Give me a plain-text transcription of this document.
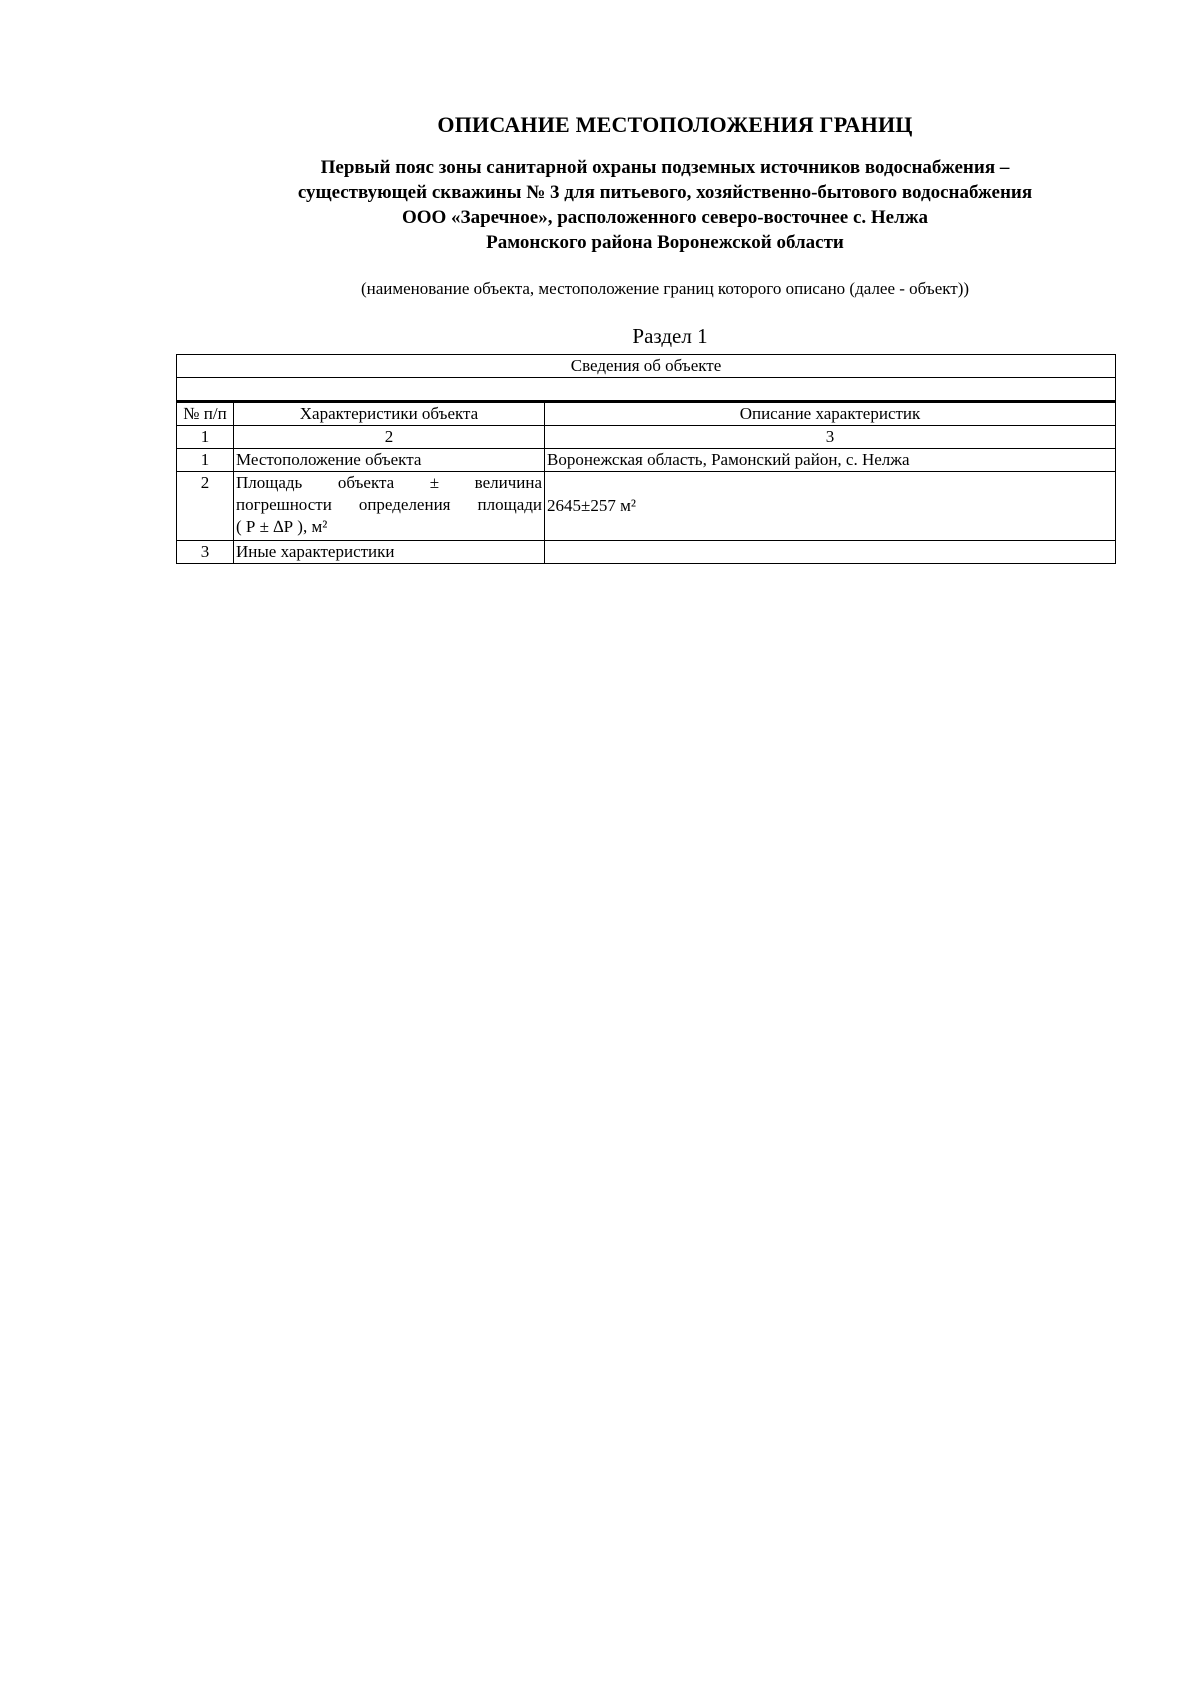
ОПИСАНИЕ МЕСТОПОЛОЖЕНИЯ ГРАНИЦ
Первый пояс зоны санитарной охраны подземных источников водоснабжения –
существующей скважины № 3 для питьевого, хозяйственно-бытового водоснабжения
ООО «Заречное», расположенного северо-восточнее с. Нелжа
Рамонского района Воронежской области
(наименование объекта, местоположение границ которого описано (далее - объект))
Раздел 1
Сведения об объекте		

№ п/п	Характеристики объекта	Описание характеристик
1	2	3
1	Местоположение объекта	Воронежская область, Рамонский район, с. Нелжа
2	Площадь объекта ± величина
погрешности определения площади
( Р ± ∆Р ), м²	2645±257 м²
3	Иные характеристики	
